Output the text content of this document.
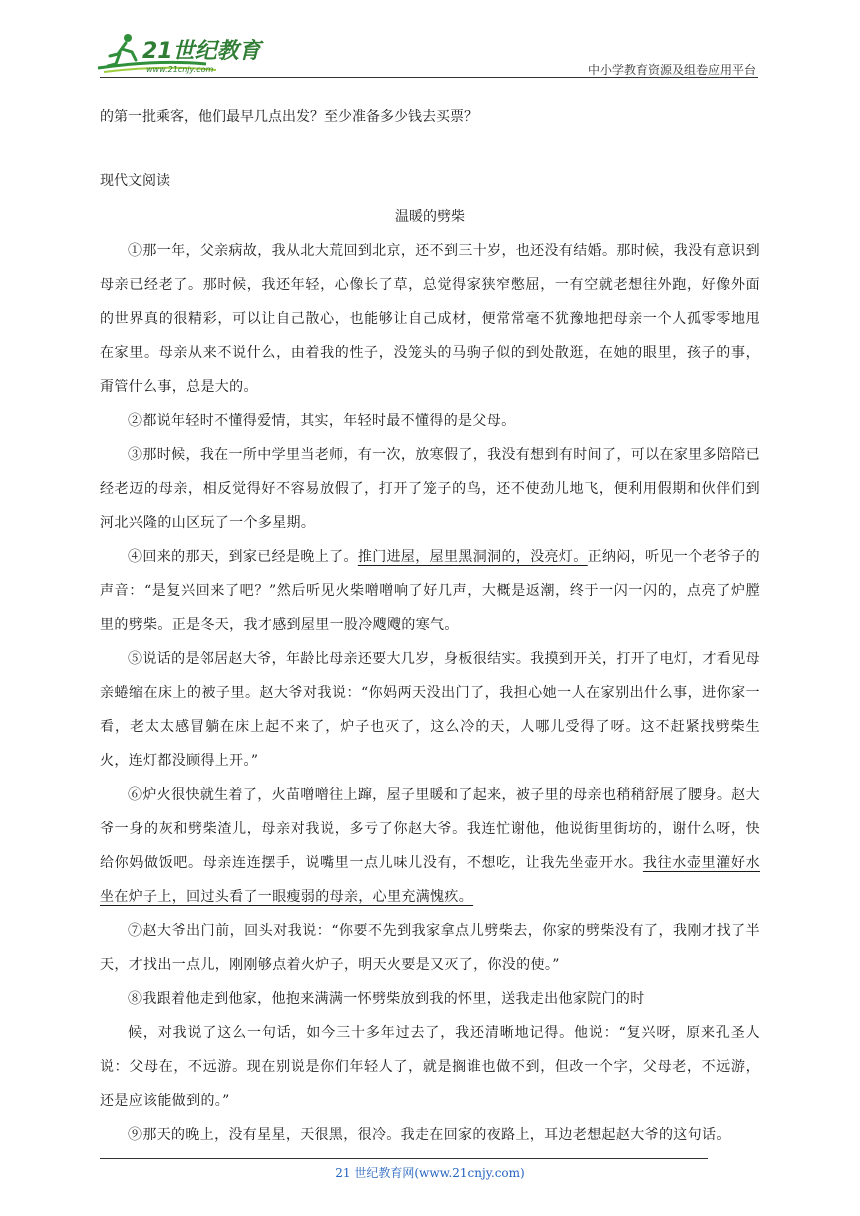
21世纪教育
www.21cnjy.com	中小学教育资源及组卷应用平台
的第一批乘客，他们最早几点出发？至少准备多少钱去买票？
现代文阅读
温暖的劈柴

①那一年，父亲病故，我从北大荒回到北京，还不到三十岁，也还没有结婚。那时候，我没有意识到母亲已经老了。那时候，我还年轻，心像长了草，总觉得家狭窄憋屈，一有空就老想往外跑，好像外面的世界真的很精彩，可以让自己散心，也能够让自己成材，便常常毫不犹豫地把母亲一个人孤零零地甩在家里。母亲从来不说什么，由着我的性子，没笼头的马驹子似的到处散逛，在她的眼里，孩子的事，甭管什么事，总是大的。

②都说年轻时不懂得爱情，其实，年轻时最不懂得的是父母。

③那时候，我在一所中学里当老师，有一次，放寒假了，我没有想到有时间了，可以在家里多陪陪已经老迈的母亲，相反觉得好不容易放假了，打开了笼子的鸟，还不使劲儿地飞，便利用假期和伙伴们到河北兴隆的山区玩了一个多星期。

④回来的那天，到家已经是晚上了。推门进屋，屋里黑洞洞的，没亮灯。正纳闷，听见一个老爷子的声音：“是复兴回来了吧？”然后听见火柴噌噌响了好几声，大概是返潮，终于一闪一闪的，点亮了炉膛里的劈柴。正是冬天，我才感到屋里一股冷飕飕的寒气。

⑤说话的是邻居赵大爷，年龄比母亲还要大几岁，身板很结实。我摸到开关，打开了电灯，才看见母亲蜷缩在床上的被子里。赵大爷对我说：“你妈两天没出门了，我担心她一人在家别出什么事，进你家一看，老太太感冒躺在床上起不来了，炉子也灭了，这么冷的天，人哪儿受得了呀。这不赶紧找劈柴生火，连灯都没顾得上开。”

⑥炉火很快就生着了，火苗噌噌往上蹿，屋子里暖和了起来，被子里的母亲也稍稍舒展了腰身。赵大爷一身的灰和劈柴渣儿，母亲对我说，多亏了你赵大爷。我连忙谢他，他说街里街坊的，谢什么呀，快给你妈做饭吧。母亲连连摆手，说嘴里一点儿味儿没有，不想吃，让我先坐壶开水。我往水壶里灌好水坐在炉子上，回过头看了一眼瘦弱的母亲，心里充满愧疚。

⑦赵大爷出门前，回头对我说：“你要不先到我家拿点儿劈柴去，你家的劈柴没有了，我刚才找了半天，才找出一点儿，刚刚够点着火炉子，明天火要是又灭了，你没的使。”

⑧我跟着他走到他家，他抱来满满一怀劈柴放到我的怀里，送我走出他家院门的时

候，对我说了这么一句话，如今三十多年过去了，我还清晰地记得。他说：“复兴呀，原来孔圣人说：父母在，不远游。现在别说是你们年轻人了，就是搁谁也做不到，但改一个字，父母老，不远游，还是应该能做到的。”

⑨那天的晚上，没有星星，天很黑，很冷。我走在回家的夜路上，耳边老想起赵大爷的这句话。

21 世纪教育网(www.21cnjy.com)
